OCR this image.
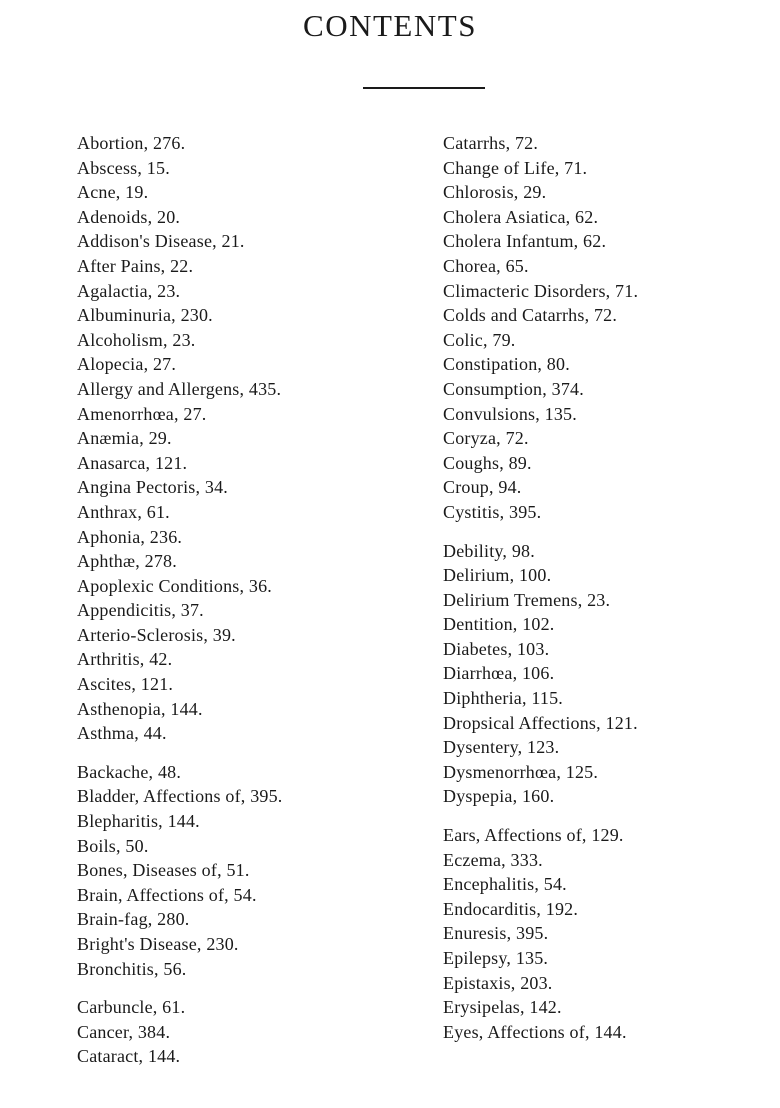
CONTENTS
Abortion, 276.
Abscess, 15.
Acne, 19.
Adenoids, 20.
Addison's Disease, 21.
After Pains, 22.
Agalactia, 23.
Albuminuria, 230.
Alcoholism, 23.
Alopecia, 27.
Allergy and Allergens, 435.
Amenorrhœa, 27.
Anæmia, 29.
Anasarca, 121.
Angina Pectoris, 34.
Anthrax, 61.
Aphonia, 236.
Aphthæ, 278.
Apoplexic Conditions, 36.
Appendicitis, 37.
Arterio-Sclerosis, 39.
Arthritis, 42.
Ascites, 121.
Asthenopia, 144.
Asthma, 44.
Backache, 48.
Bladder, Affections of, 395.
Blepharitis, 144.
Boils, 50.
Bones, Diseases of, 51.
Brain, Affections of, 54.
Brain-fag, 280.
Bright's Disease, 230.
Bronchitis, 56.
Carbuncle, 61.
Cancer, 384.
Cataract, 144.
Catarrhs, 72.
Change of Life, 71.
Chlorosis, 29.
Cholera Asiatica, 62.
Cholera Infantum, 62.
Chorea, 65.
Climacteric Disorders, 71.
Colds and Catarrhs, 72.
Colic, 79.
Constipation, 80.
Consumption, 374.
Convulsions, 135.
Coryza, 72.
Coughs, 89.
Croup, 94.
Cystitis, 395.
Debility, 98.
Delirium, 100.
Delirium Tremens, 23.
Dentition, 102.
Diabetes, 103.
Diarrhœa, 106.
Diphtheria, 115.
Dropsical Affections, 121.
Dysentery, 123.
Dysmenorrhœa, 125.
Dyspepia, 160.
Ears, Affections of, 129.
Eczema, 333.
Encephalitis, 54.
Endocarditis, 192.
Enuresis, 395.
Epilepsy, 135.
Epistaxis, 203.
Erysipelas, 142.
Eyes, Affections of, 144.
